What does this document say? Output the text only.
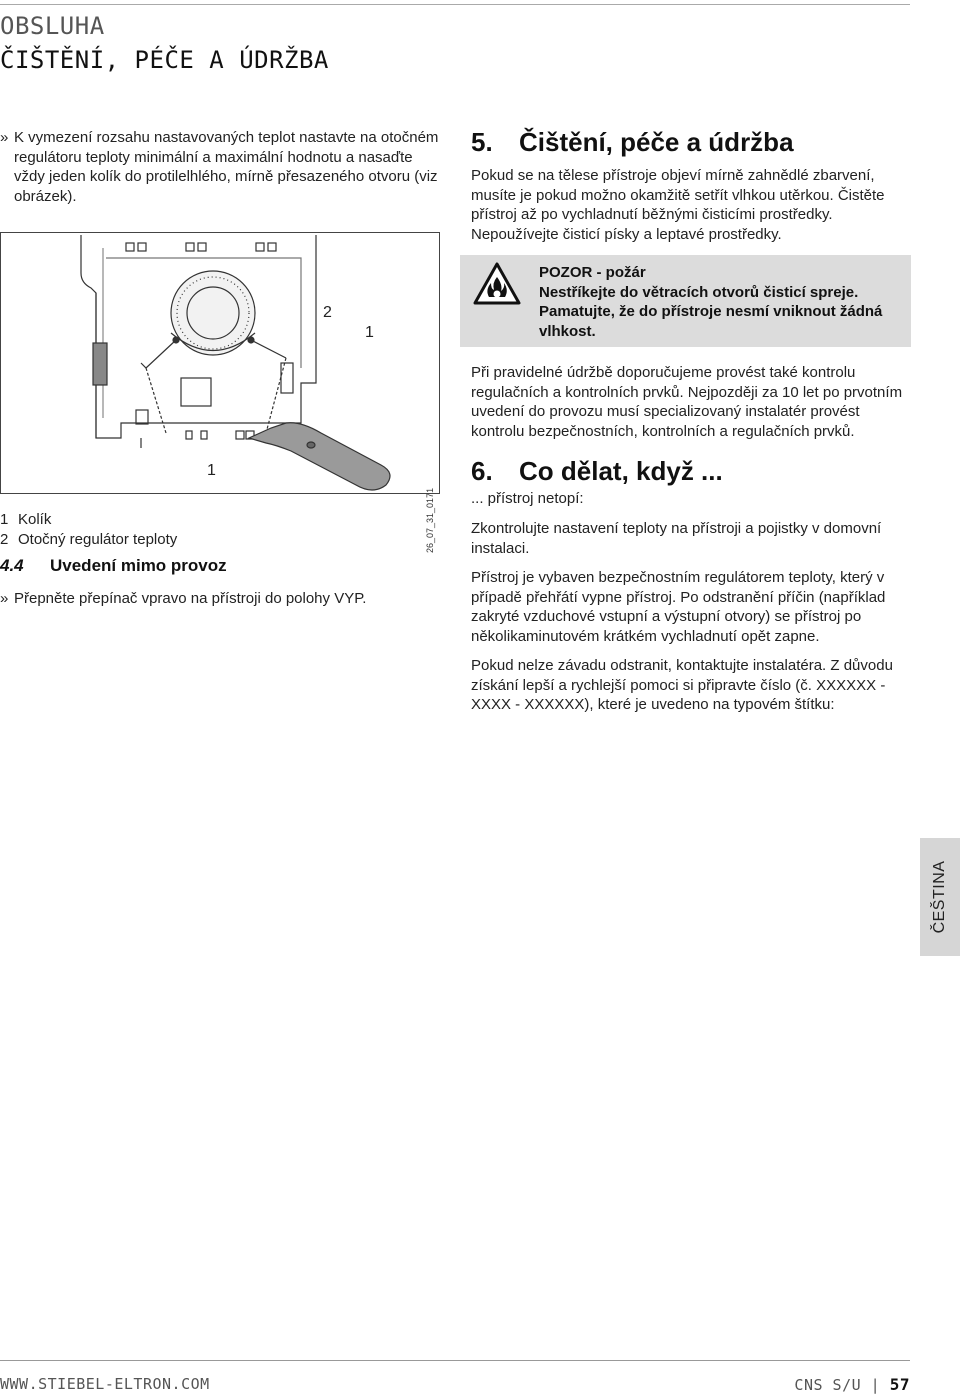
OBSLUHA
ČIŠTĚNÍ, PÉČE A ÚDRŽBA
» K vymezení rozsahu nastavovaných teplot nastavte na otočném regulátoru teploty minimální a maximální hodnotu a nasaďte vždy jeden kolík do protilelhlého, mírně přesazeného otvoru (viz obrázek).
2
1
1
26_07_31_0171
1 Kolík
2 Otočný regulátor teploty
4.4 Uvedení mimo provoz
» Přepněte přepínač vpravo na přístroji do polohy VYP.
5. Čištění, péče a údržba
Pokud se na tělese přístroje objeví mírně zahnědlé zbarvení, musíte je pokud možno okamžitě setřít vlhkou utěrkou. Čistěte přístroj až po vychladnutí běžnými čisticími prostředky. Nepoužívejte čisticí písky a leptavé prostředky.
POZOR - požár
Nestříkejte do větracích otvorů čisticí spreje.
Pamatujte, že do přístroje nesmí vniknout žádná vlhkost.
Při pravidelné údržbě doporučujeme provést také kontrolu regulačních a kontrolních prvků. Nejpozději za 10 let po prvotním uvedení do provozu musí specializovaný instalatér provést kontrolu bezpečnostních, kontrolních a regulačních prvků.
6. Co dělat, když ...
... přístroj netopí:
Zkontrolujte nastavení teploty na přístroji a pojistky v domovní instalaci.
Přístroj je vybaven bezpečnostním regulátorem teploty, který v případě přehřátí vypne přístroj. Po odstranění příčin (například zakryté vzduchové vstupní a výstupní otvory) se přístroj po několikaminutovém krátkém vychladnutí opět zapne.
Pokud nelze závadu odstranit, kontaktujte instalatéra. Z důvodu získání lepší a rychlejší pomoci si připravte číslo (č. XXXXXX - XXXX - XXXXXX), které je uvedeno na typovém štítku:
ČEŠTINA
WWW.STIEBEL-ELTRON.COM	CNS S/U | 57
